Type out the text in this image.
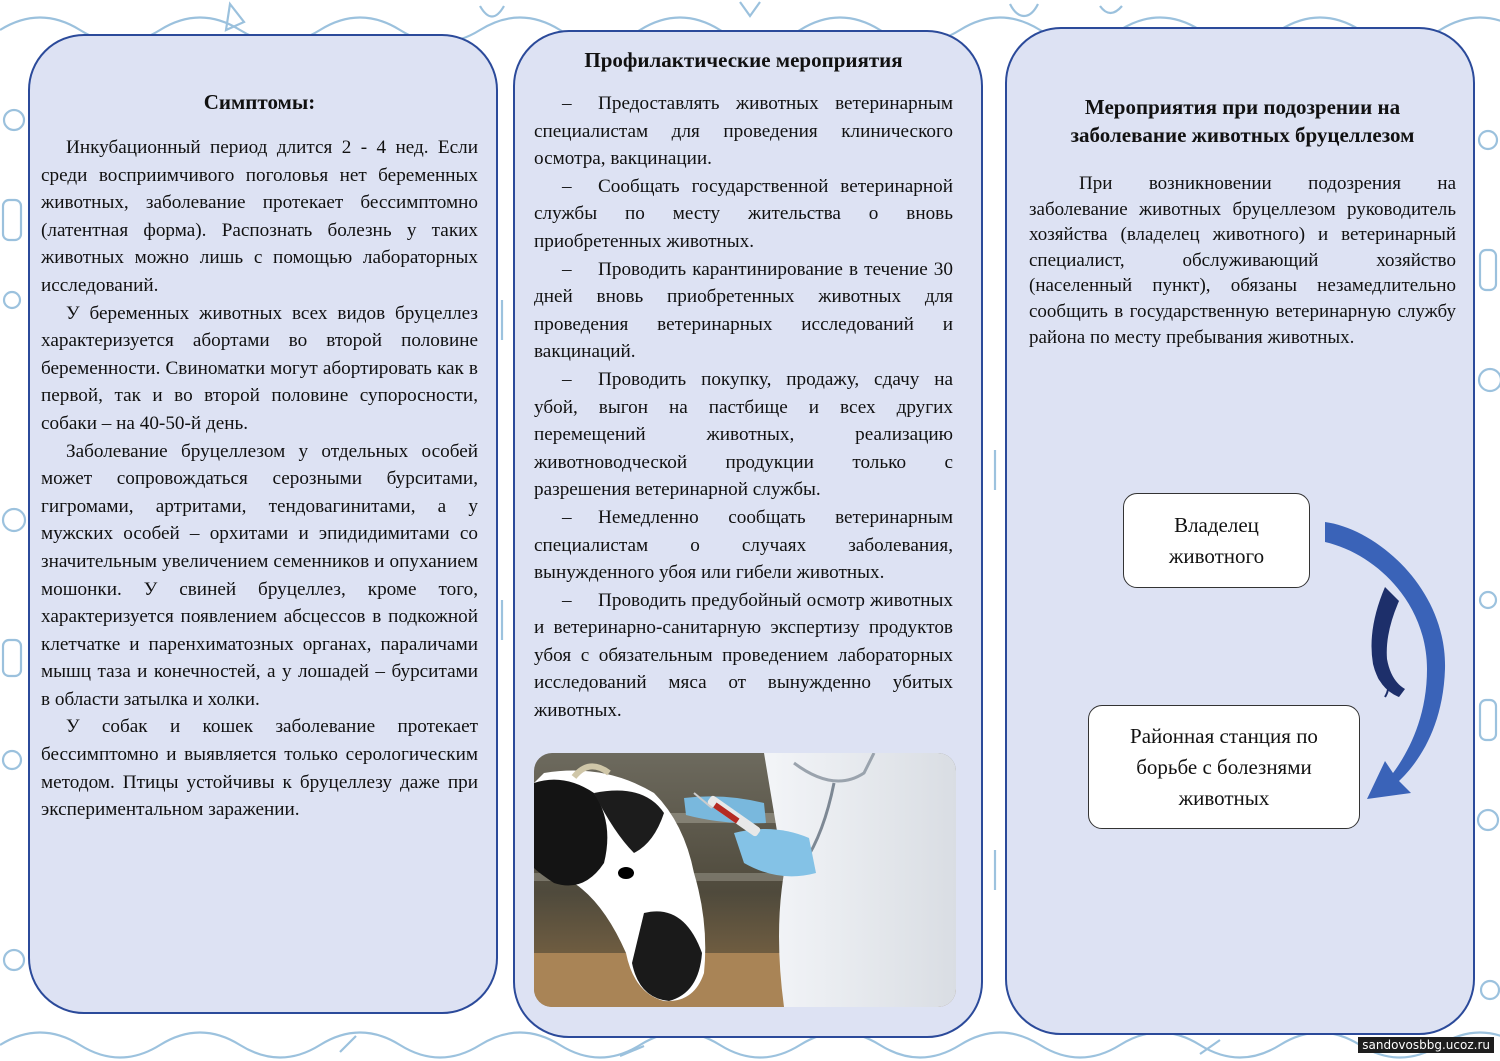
Симптомы:

Инкубационный период длится 2 - 4 нед. Если среди восприимчивого поголовья нет беременных животных, заболевание протекает бессимптомно (латентная форма). Распознать болезнь у таких животных можно лишь с помощью лабораторных исследований.

У беременных животных всех видов бруцеллез характеризуется абортами во второй половине беременности. Свиноматки могут абортировать как в первой, так и во второй половине супоросности, собаки – на 40-50-й день.

Заболевание бруцеллезом у отдельных особей может сопровождаться серозными бурситами, гигромами, артритами, тендовагинитами, а у мужских особей – орхитами и эпидидимитами со значительным увеличением семенников и опуханием мошонки. У свиней бруцеллез, кроме того, характеризуется появлением абсцессов в подкожной клетчатке и паренхиматозных органах, параличами мышц таза и конечностей, а у лошадей – бурситами в области затылка и холки.

У собак и кошек заболевание протекает бессимптомно и выявляется только серологическим методом. Птицы устойчивы к бруцеллезу даже при экспериментальном заражении.

Профилактические мероприятия

– Предоставлять животных ветеринарным специалистам для проведения клинического осмотра, вакцинации.

– Сообщать государственной ветеринарной службы по месту жительства о вновь приобретенных животных.

– Проводить карантинирование в течение 30 дней вновь приобретенных животных для проведения ветеринарных исследований и вакцинаций.

– Проводить покупку, продажу, сдачу на убой, выгон на пастбище и всех других перемещений животных, реализацию животноводческой продукции только с разрешения ветеринарной службы.

– Немедленно сообщать ветеринарным специалистам о случаях заболевания, вынужденного убоя или гибели животных.

– Проводить предубойный осмотр животных и ветеринарно-санитарную экспертизу продуктов убоя с обязательным проведением лабораторных исследований мяса от вынужденно убитых животных.

Мероприятия при подозрении на заболевание животных бруцеллезом

При возникновении подозрения на заболевание животных бруцеллезом руководитель хозяйства (владелец животного) и ветеринарный специалист, обслуживающий хозяйство (населенный пункт), обязаны незамедлительно сообщить в государственную ветеринарную службу района по месту пребывания животных.

Владелец животного
Районная станция по борьбе с болезнями животных
sandovosbbg.ucoz.ru
